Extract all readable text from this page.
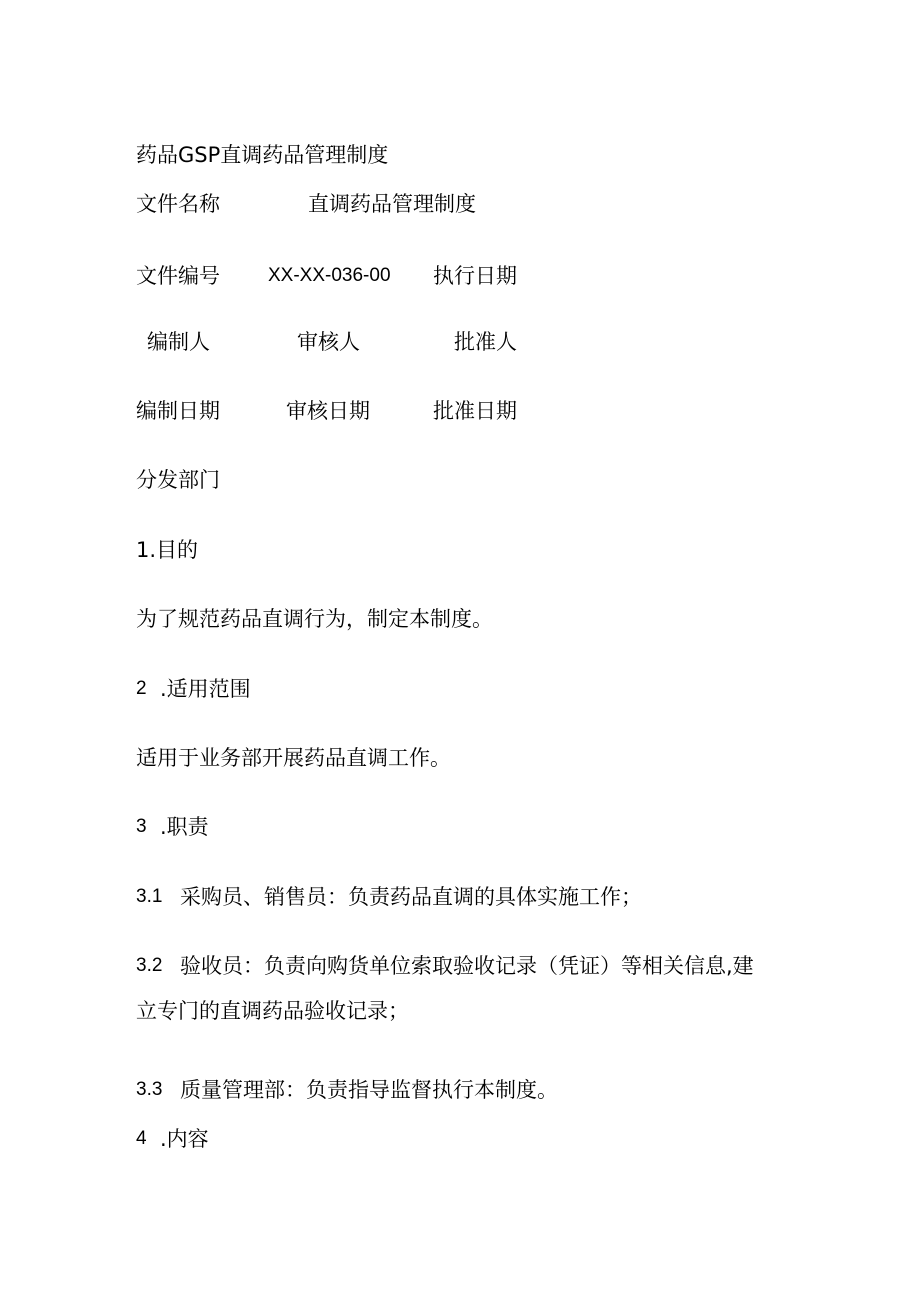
药品GSP直调药品管理制度
文件名称	直调药品管理制度
文件编号	XX-XX-036-00 执行日期
编制人	审核人	批准人
编制日期	审核日期	批准日期
分发部门
1.目的
为了规范药品直调行为，制定本制度。
2 .适用范围
适用于业务部开展药品直调工作。
3 .职责
3.1 采购员、销售员：负责药品直调的具体实施工作；
3.2 验收员：负责向购货单位索取验收记录（凭证）等相关信息,建
立专门的直调药品验收记录；
3.3 质量管理部：负责指导监督执行本制度。
4 .内容
